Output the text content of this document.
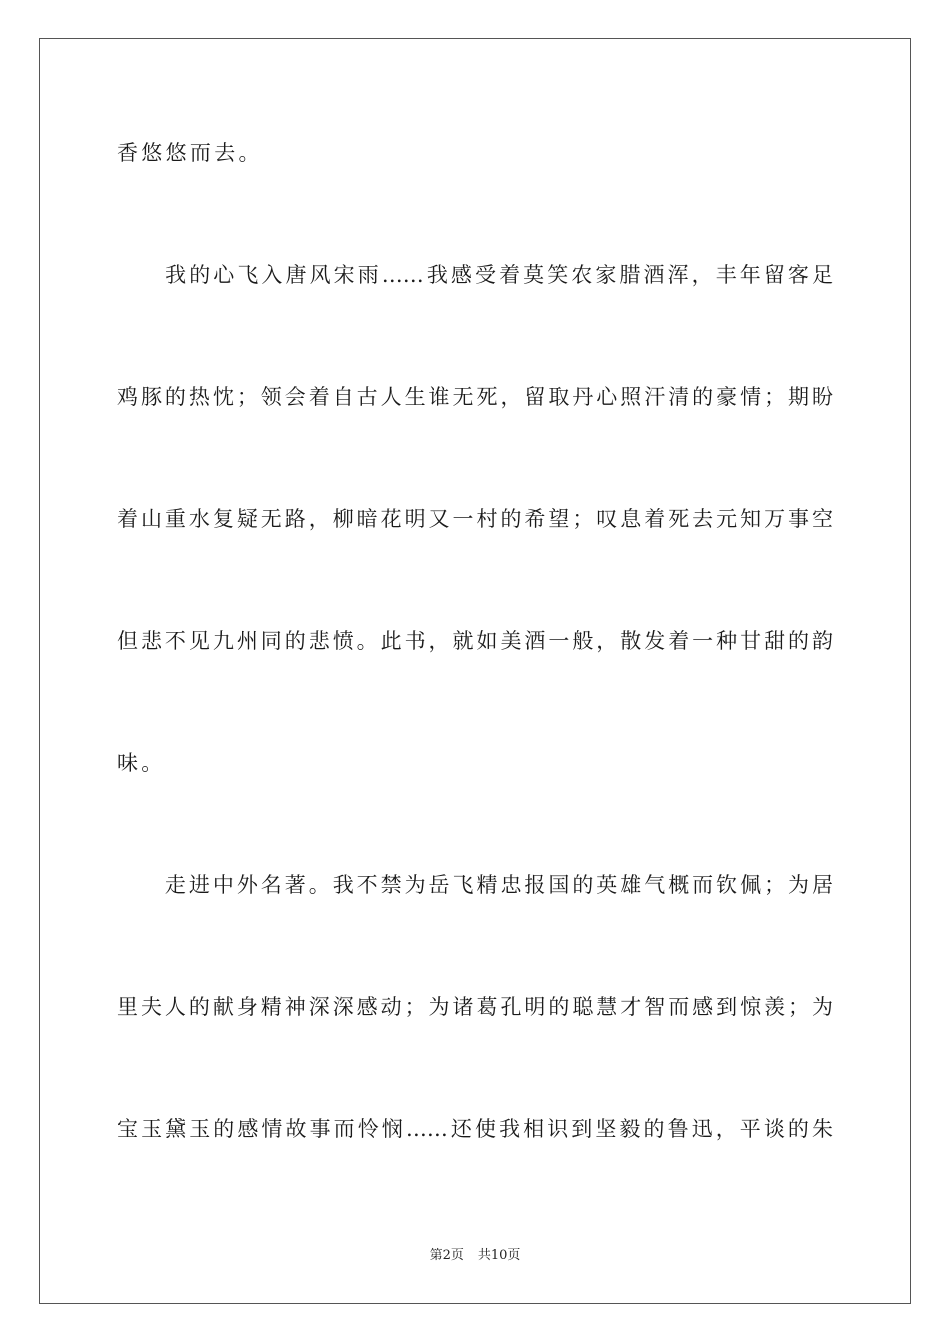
香悠悠而去。
　　我的心飞入唐风宋雨……我感受着莫笑农家腊酒浑，丰年留客足
鸡豚的热忱；领会着自古人生谁无死，留取丹心照汗清的豪情；期盼
着山重水复疑无路，柳暗花明又一村的希望；叹息着死去元知万事空
但悲不见九州同的悲愤。此书，就如美酒一般，散发着一种甘甜的韵
味。
　　走进中外名著。我不禁为岳飞精忠报国的英雄气概而钦佩；为居
里夫人的献身精神深深感动；为诸葛孔明的聪慧才智而感到惊羡；为
宝玉黛玉的感情故事而怜悯……还使我相识到坚毅的鲁迅，平谈的朱
第2页 共10页
